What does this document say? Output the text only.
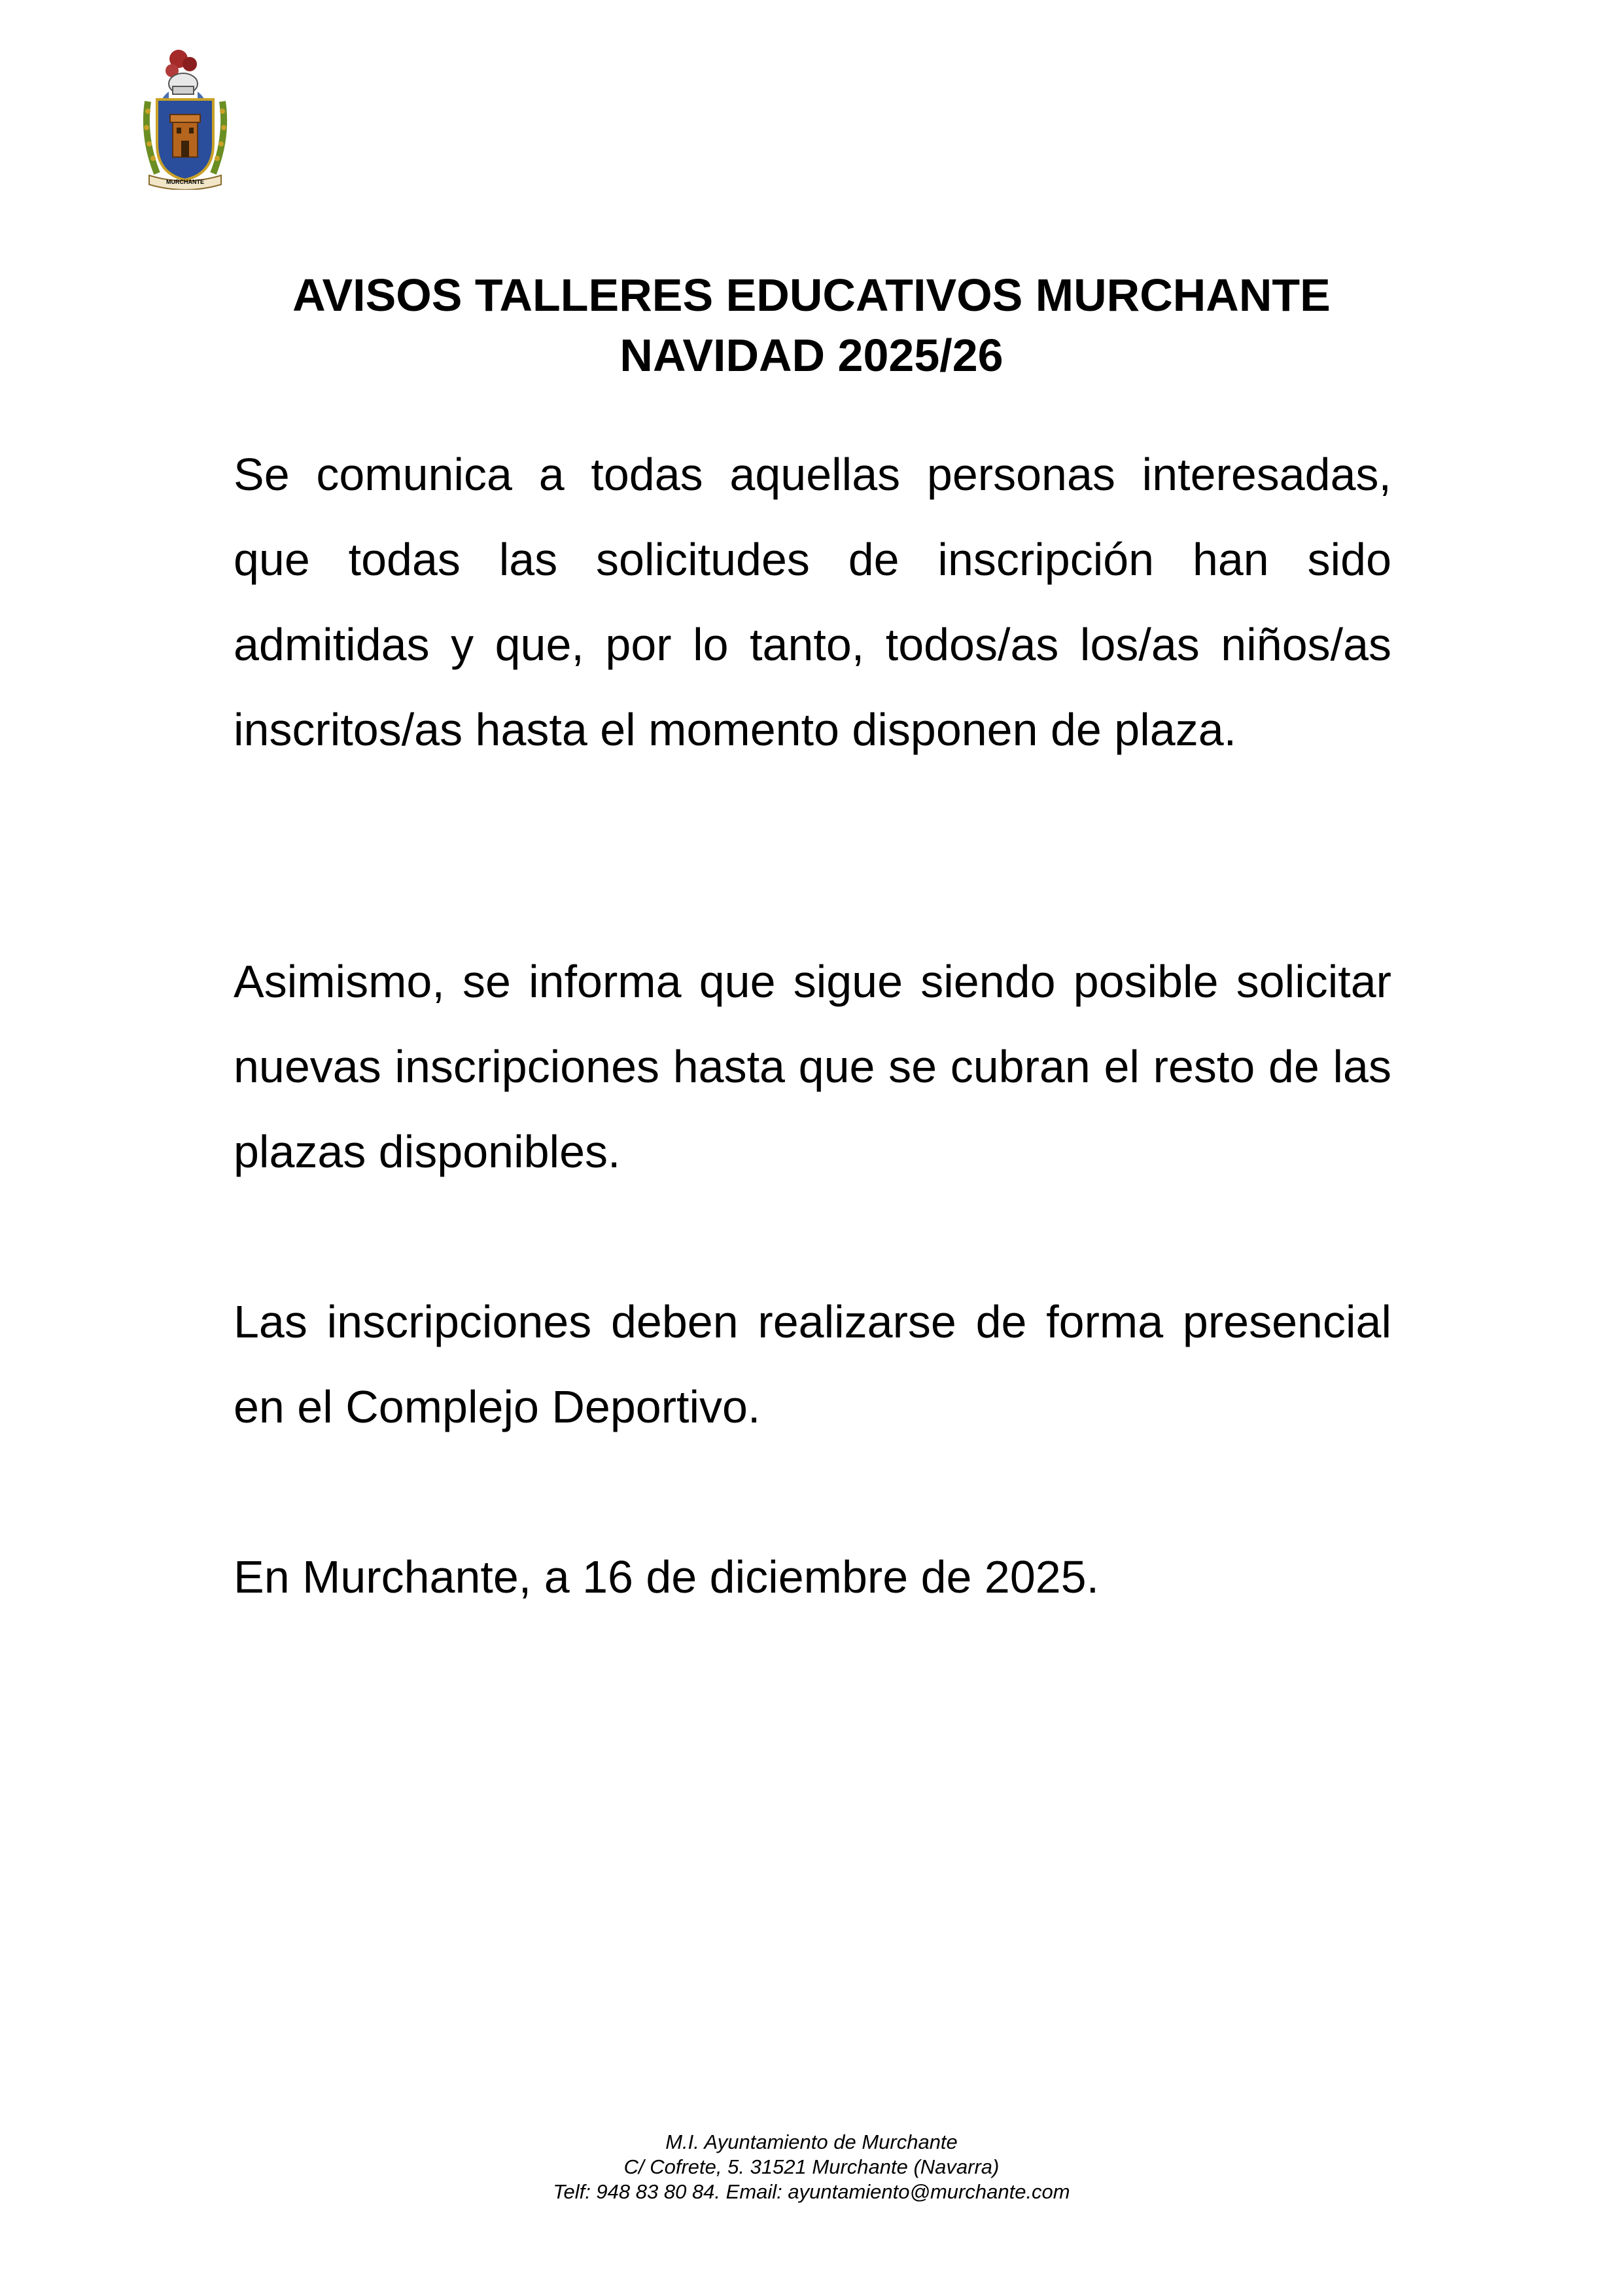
MURCHANTE
AVISOS TALLERES EDUCATIVOS MURCHANTE
NAVIDAD 2025/26

Se comunica a todas aquellas personas interesadas, que todas las solicitudes de inscripción han sido admitidas y que, por lo tanto, todos/as los/as niños/as inscritos/as hasta el momento disponen de plaza.

Asimismo, se informa que sigue siendo posible solicitar nuevas inscripciones hasta que se cubran el resto de las plazas disponibles.

Las inscripciones deben realizarse de forma presencial en el Complejo Deportivo.

En Murchante, a 16 de diciembre de 2025.

M.I. Ayuntamiento de Murchante
C/ Cofrete, 5. 31521 Murchante (Navarra)
Telf: 948 83 80 84. Email: ayuntamiento@murchante.com
